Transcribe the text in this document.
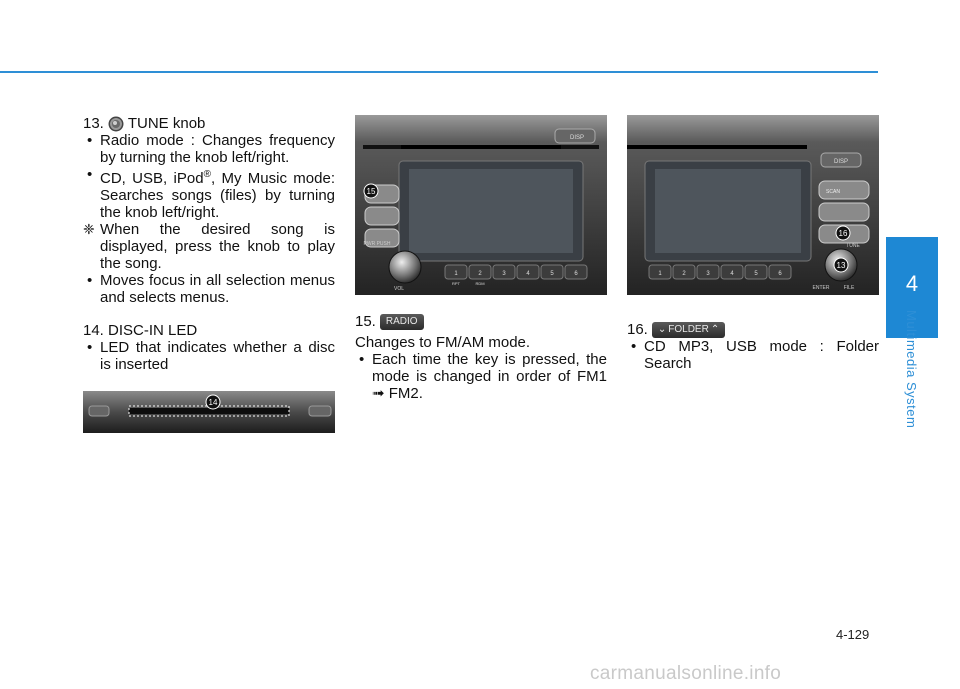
13. TUNE knob

• Radio mode : Changes frequency by turning the knob left/right.

• CD, USB, iPod®, My Music mode: Searches songs (files) by turning the knob left/right.

❈ When the desired song is displayed, press the knob to play the song.

• Moves focus in all selection menus and selects menus.

14. DISC-IN LED

• LED that indicates whether a disc is inserted

14
DISP
15
PWR PUSH
VOL
1	2	3	4	5	6
RPT	RDM

15.	RADIO

Changes to FM/AM mode.

• Each time the key is pressed, the mode is changed in order of FM1 ➟ FM2.

DISP
SCAN
16
TUNE
13
ENTER	FILE
1	2	3	4	5	6

16.	⌄ FOLDER ⌃

• CD MP3, USB mode : Folder Search

4
Multimedia System
4-129
carmanualsonline.info
